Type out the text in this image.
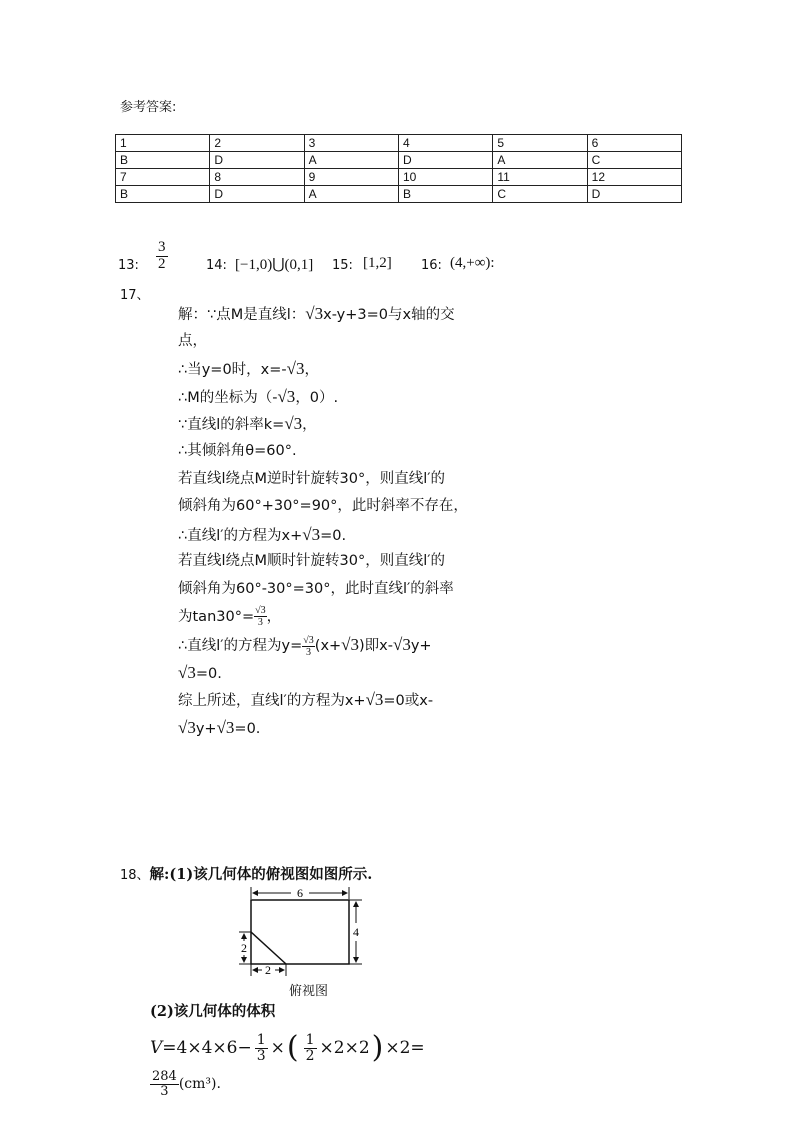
参考答案:
1	2	3	4	5	6
B	D	A	D	A	C
7	8	9	10	11	12
B	D	A	B	C	D
13: $\frac{3}{2}$	14: [−1,0)⋃(0,1] 15: [1,2] 16: (4,+∞):
17、
解：∵点M是直线l：√3x-y+3=0与x轴的交
点，
∴当y=0时，x=-√3，
∴M的坐标为（-√3，0）.
∵直线l的斜率k=√3，
∴其倾斜角θ=60°.
若直线l绕点M逆时针旋转30°，则直线l′的
倾斜角为60°+30°=90°，此时斜率不存在，
∴直线l′的方程为x+√3=0.
若直线l绕点M顺时针旋转30°，则直线l′的
倾斜角为60°-30°=30°，此时直线l′的斜率
为$\tan 30^\circ= \frac{√3}{3}$ ，
∴直线l′的方程为$y= \frac{√3}{3} (x+√3)$即x-√3y+
√3=0.
综上所述，直线l′的方程为x+√3=0或x-
√3y+√3=0.
18、解:(1)该几何体的俯视图如图所示.
6
4
2
2
俯视图
(2)该几何体的体积
$V =4\times 4\times 6- \frac{1}{3}$ × ( $\frac{1}{2} \times 2\times 2$ ) ×2=
$\frac{284}{3} (cm^3)$.
